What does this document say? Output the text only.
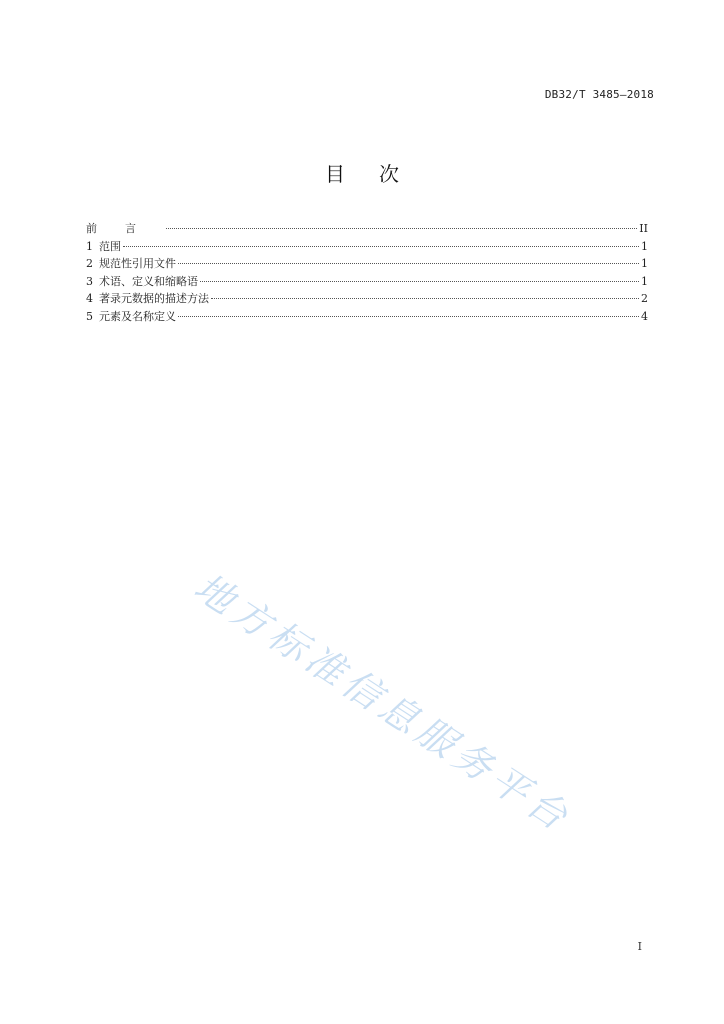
DB32/T 3485—2018
目次
前言	II
1 范围	1
2 规范性引用文件	1
3 术语、定义和缩略语	1
4 著录元数据的描述方法	2
5 元素及名称定义	4
地方标准信息服务平台
I
